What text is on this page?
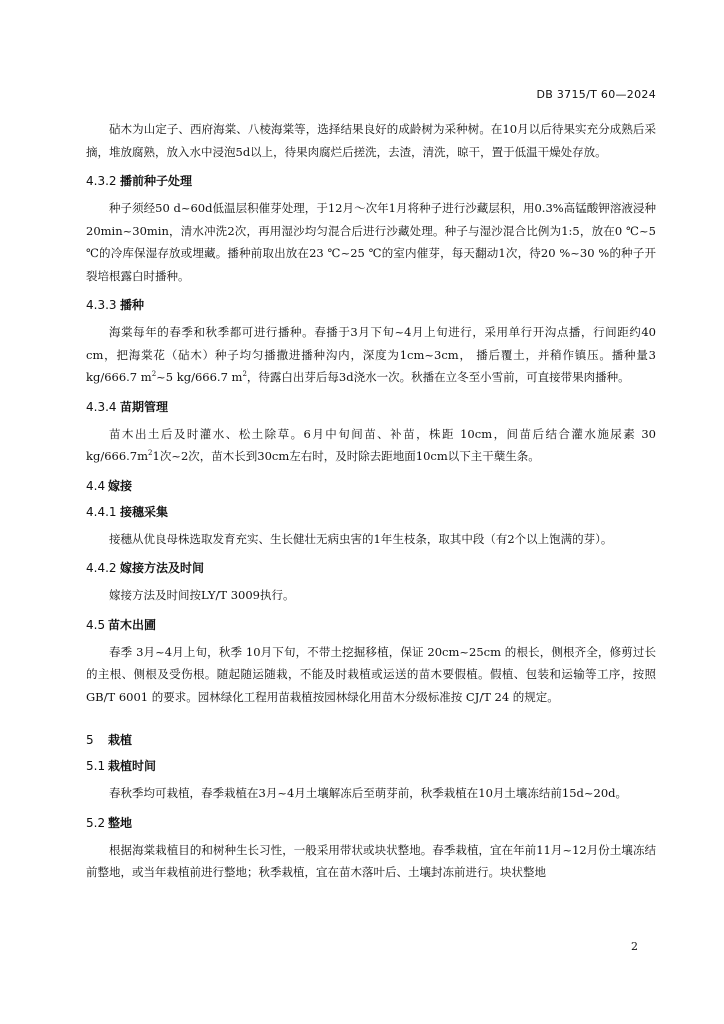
DB 3715/T 60—2024

砧木为山定子、西府海棠、八棱海棠等，选择结果良好的成龄树为采种树。在10月以后待果实充分成熟后采摘，堆放腐熟，放入水中浸泡5d以上，待果肉腐烂后搓洗，去渣，清洗，晾干，置于低温干燥处存放。

4.3.2 播前种子处理

种子须经50 d~60d低温层积催芽处理，于12月～次年1月将种子进行沙藏层积，用0.3%高锰酸钾溶液浸种20min~30min，清水冲洗2次，再用湿沙均匀混合后进行沙藏处理。种子与湿沙混合比例为1:5，放在0 ℃~5 ℃的冷库保湿存放或埋藏。播种前取出放在23 ℃~25 ℃的室内催芽，每天翻动1次，待20 %~30 %的种子开裂培根露白时播种。

4.3.3 播种

海棠每年的春季和秋季都可进行播种。春播于3月下旬~4月上旬进行，采用单行开沟点播，行间距约40 cm，把海棠花（砧木）种子均匀播撒进播种沟内，深度为1cm~3cm， 播后覆土，并稍作镇压。播种量3 kg/666.7 $m^2\sim 5$ kg/666.7 $m^2$，待露白出芽后每3d浇水一次。秋播在立冬至小雪前，可直接带果肉播种。

4.3.4 苗期管理

苗木出土后及时灌水、松土除草。6月中旬间苗、补苗，株距 10cm，间苗后结合灌水施尿素 30 $kg/666.7m^21$次~2次，苗木长到30cm左右时，及时除去距地面10cm以下主干蘖生条。

4.4 嫁接
4.4.1 接穗采集

接穗从优良母株选取发育充实、生长健壮无病虫害的1年生枝条，取其中段（有2个以上饱满的芽）。

4.4.2 嫁接方法及时间

嫁接方法及时间按LY/T 3009执行。

4.5 苗木出圃

春季 3月~4月上旬，秋季 10月下旬，不带土挖掘移植，保证 20cm~25cm 的根长，侧根齐全，修剪过长的主根、侧根及受伤根。随起随运随栽，不能及时栽植或运送的苗木要假植。假植、包装和运输等工序，按照GB/T 6001 的要求。园林绿化工程用苗栽植按园林绿化用苗木分级标准按 CJ/T 24 的规定。

5 栽植
5.1 栽植时间

春秋季均可栽植，春季栽植在3月~4月土壤解冻后至萌芽前，秋季栽植在10月土壤冻结前15d~20d。

5.2 整地

根据海棠栽植目的和树种生长习性，一般采用带状或块状整地。春季栽植，宜在年前11月~12月份土壤冻结前整地，或当年栽植前进行整地；秋季栽植，宜在苗木落叶后、土壤封冻前进行。块状整地

2
